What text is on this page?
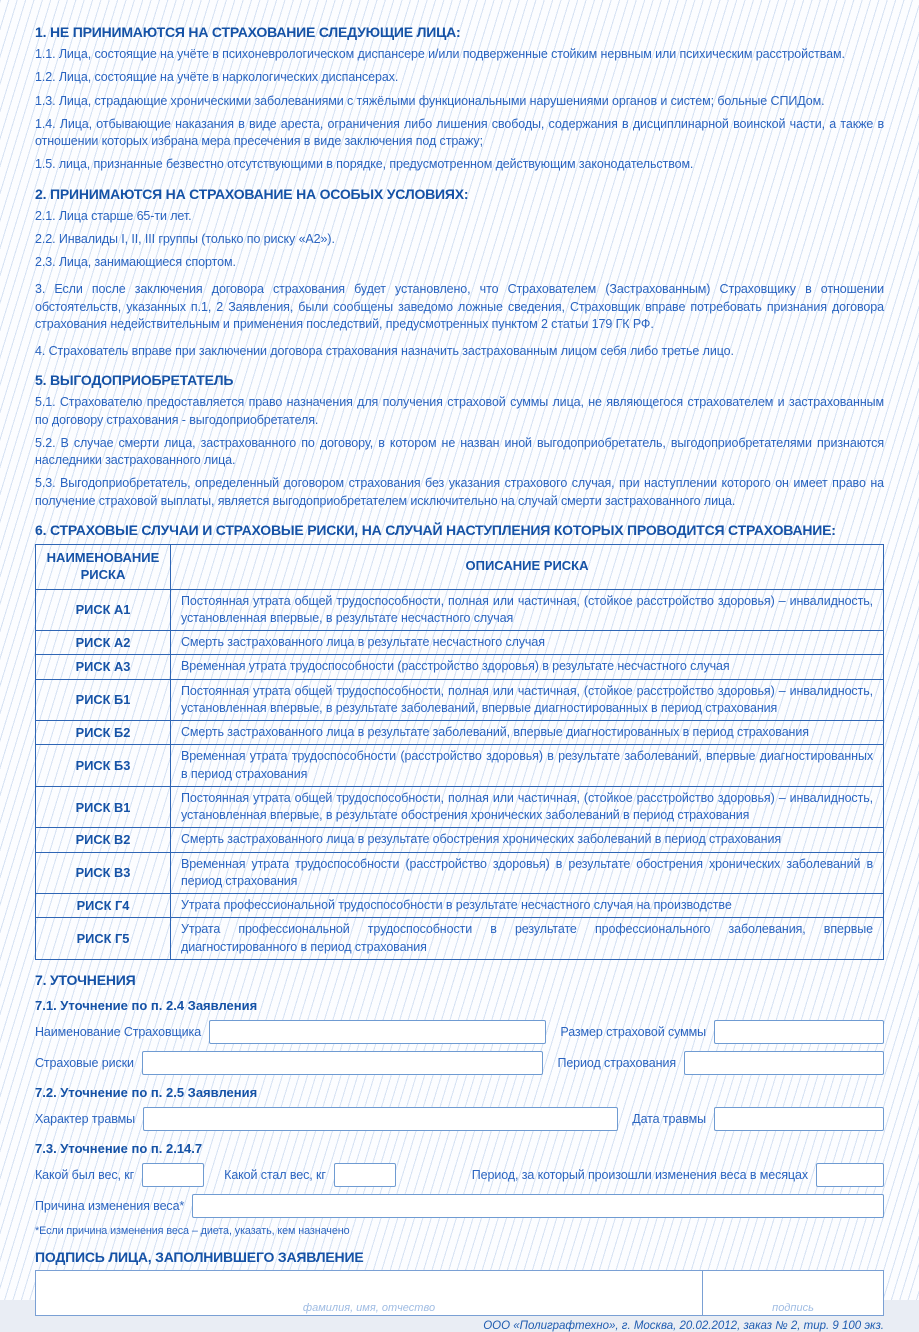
1. НЕ ПРИНИМАЮТСЯ НА СТРАХОВАНИЕ СЛЕДУЮЩИЕ ЛИЦА:

1.1. Лица, состоящие на учёте в психоневрологическом диспансере и/или подверженные стойким нервным или психическим расстройствам.

1.2. Лица, состоящие на учёте в наркологических диспансерах.

1.3. Лица, страдающие хроническими заболеваниями с тяжёлыми функциональными нарушениями органов и систем; больные СПИДом.

1.4. Лица, отбывающие наказания в виде ареста, ограничения либо лишения свободы, содержания в дисциплинарной воинской части, а также в отношении которых избрана мера пресечения в виде заключения под стражу;

1.5. лица, признанные безвестно отсутствующими в порядке, предусмотренном действующим законодательством.

2. ПРИНИМАЮТСЯ НА СТРАХОВАНИЕ НА ОСОБЫХ УСЛОВИЯХ:

2.1. Лица старше 65-ти лет.

2.2. Инвалиды I, II, III группы (только по риску «А2»).

2.3. Лица, занимающиеся спортом.

3. Если после заключения договора страхования будет установлено, что Страхователем (Застрахованным) Страховщику в отношении обстоятельств, указанных п.1, 2 Заявления, были сообщены заведомо ложные сведения, Страховщик вправе потребовать признания договора страхования недействительным и применения последствий, предусмотренных пунктом 2 статьи 179 ГК РФ.

4. Страхователь вправе при заключении договора страхования назначить застрахованным лицом себя либо третье лицо.

5. ВЫГОДОПРИОБРЕТАТЕЛЬ

5.1. Страхователю предоставляется право назначения для получения страховой суммы лица, не являющегося страхователем и застрахованным по договору страхования - выгодоприобретателя.

5.2. В случае смерти лица, застрахованного по договору, в котором не назван иной выгодоприобретатель, выгодоприобретателями признаются наследники застрахованного лица.

5.3. Выгодоприобретатель, определенный договором страхования без указания страхового случая, при наступлении которого он имеет право на получение страховой выплаты, является выгодоприобретателем исключительно на случай смерти застрахованного лица.

6. СТРАХОВЫЕ СЛУЧАИ И СТРАХОВЫЕ РИСКИ, НА СЛУЧАЙ НАСТУПЛЕНИЯ КОТОРЫХ ПРОВОДИТСЯ СТРАХОВАНИЕ:
НАИМЕНОВАНИЕ РИСКА	ОПИСАНИЕ РИСКА
РИСК А1	Постоянная утрата общей трудоспособности, полная или частичная, (стойкое расстройство здоровья) – инвалидность, установленная впервые, в результате несчастного случая
РИСК А2	Смерть застрахованного лица в результате несчастного случая
РИСК А3	Временная утрата трудоспособности (расстройство здоровья) в результате несчастного случая
РИСК Б1	Постоянная утрата общей трудоспособности, полная или частичная, (стойкое расстройство здоровья) – инвалидность, установленная впервые, в результате заболеваний, впервые диагностированных в период страхования
РИСК Б2	Смерть застрахованного лица в результате заболеваний, впервые диагностированных в период страхования
РИСК Б3	Временная утрата трудоспособности (расстройство здоровья) в результате заболеваний, впервые диагностированных в период страхования
РИСК В1	Постоянная утрата общей трудоспособности, полная или частичная, (стойкое расстройство здоровья) – инвалидность, установленная впервые, в результате обострения хронических заболеваний в период страхования
РИСК В2	Смерть застрахованного лица в результате обострения хронических заболеваний в период страхования
РИСК В3	Временная утрата трудоспособности (расстройство здоровья) в результате обострения хронических заболеваний в период страхования
РИСК Г4	Утрата профессиональной трудоспособности в результате несчастного случая на производстве
РИСК Г5	Утрата профессиональной трудоспособности в результате профессионального заболевания, впервые диагностированного в период страхования
7. УТОЧНЕНИЯ
7.1. Уточнение по п. 2.4 Заявления
Наименование Страховщика	Размер страховой суммы
Страховые риски	Период страхования
7.2. Уточнение по п. 2.5 Заявления
Характер травмы	Дата травмы
7.3. Уточнение по п. 2.14.7
Какой был вес, кг	Какой стал вес, кг	Период, за который произошли изменения веса в месяцах
Причина изменения веса*
*Если причина изменения веса – диета, указать, кем назначено
ПОДПИСЬ ЛИЦА, ЗАПОЛНИВШЕГО ЗАЯВЛЕНИЕ
фамилия, имя, отчество	подпись
ООО «Полиграфтехно», г. Москва, 20.02.2012, заказ № 2, тир. 9 100 экз.
